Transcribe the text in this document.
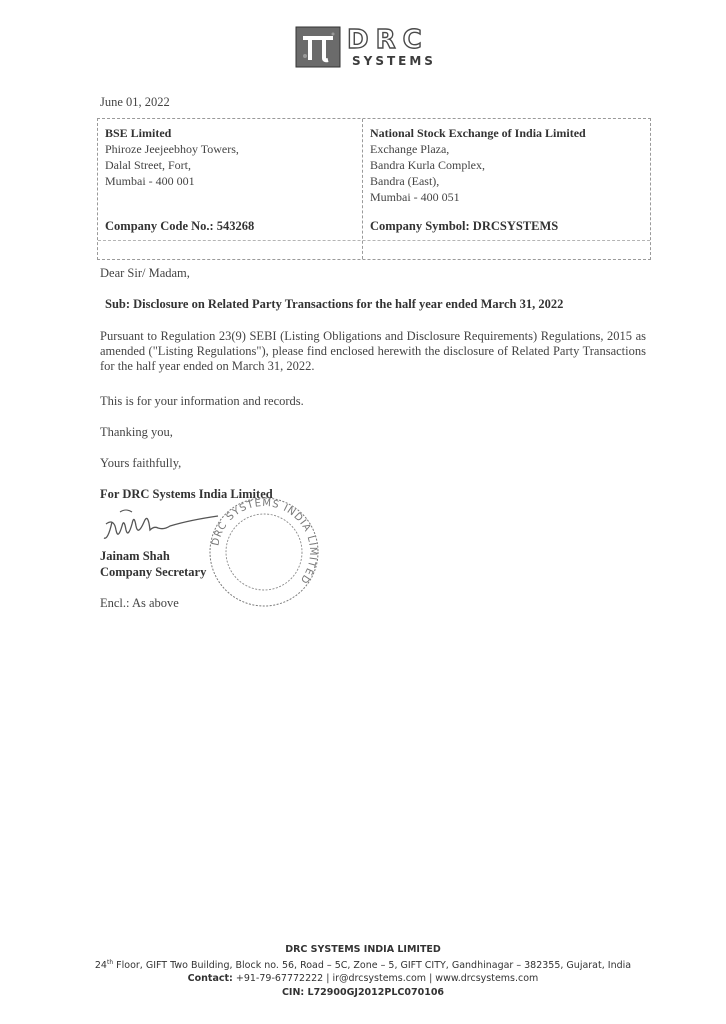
DRC
SYSTEMS
June 01, 2022
BSE Limited
Phiroze Jeejeebhoy Towers,
Dalal Street, Fort,
Mumbai - 400 001
Company Code No.: 543268
National Stock Exchange of India Limited
Exchange Plaza,
Bandra Kurla Complex,
Bandra (East),
Mumbai - 400 051
Company Symbol: DRCSYSTEMS
Dear Sir/ Madam,
Sub: Disclosure on Related Party Transactions for the half year ended March 31, 2022
Pursuant to Regulation 23(9) SEBI (Listing Obligations and Disclosure Requirements) Regulations, 2015 as amended ("Listing Regulations"), please find enclosed herewith the disclosure of Related Party Transactions for the half year ended on March 31, 2022.
This is for your information and records.
Thanking you,
Yours faithfully,
For DRC Systems India Limited
DRC SYSTEMS INDIA LIMITED
Jainam Shah
Company Secretary
Encl.: As above
DRC SYSTEMS INDIA LIMITED
24th Floor, GIFT Two Building, Block no. 56, Road – 5C, Zone – 5, GIFT CITY, Gandhinagar – 382355, Gujarat, India
Contact: +91-79-67772222 | ir@drcsystems.com | www.drcsystems.com
CIN: L72900GJ2012PLC070106
